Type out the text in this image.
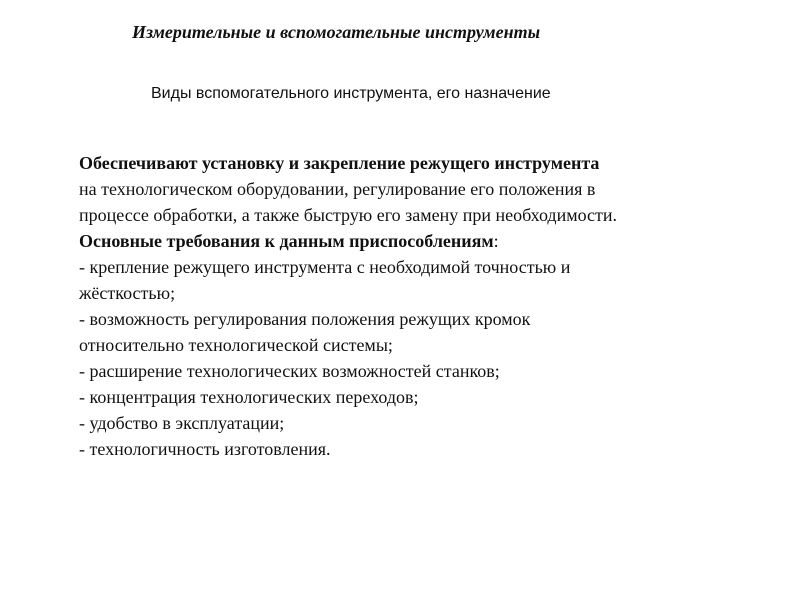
Измерительные и вспомогательные инструменты
Виды вспомогательного инструмента, его назначение
Обеспечивают установку и закрепление режущего инструмента
на технологическом оборудовании, регулирование его положения в
процессе обработки, а также быструю его замену при необходимости.
Основные требования к данным приспособлениям:
- крепление режущего инструмента с необходимой точностью и
жёсткостью;
- возможность регулирования положения режущих кромок
относительно технологической системы;
- расширение технологических возможностей станков;
- концентрация технологических переходов;
- удобство в эксплуатации;
- технологичность изготовления.
